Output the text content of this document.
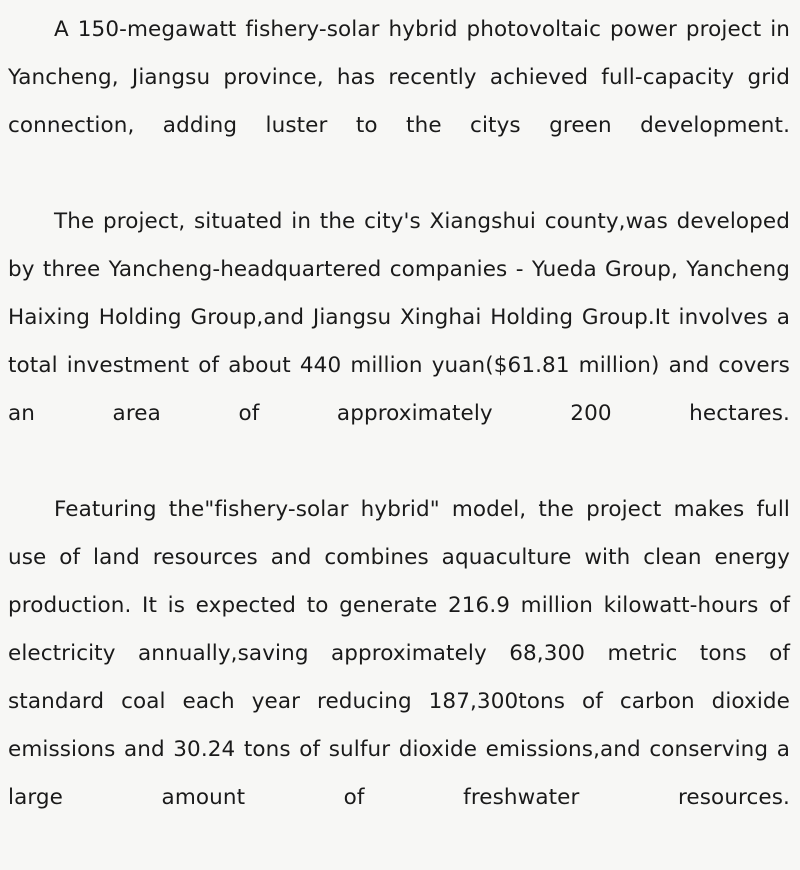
A 150-megawatt fishery-solar hybrid photovoltaic power project in Yancheng, Jiangsu province, has recently achieved full-capacity grid connection, adding luster to the citys green development.

The project, situated in the city's Xiangshui county,was developed by three Yancheng-headquartered companies - Yueda Group, Yancheng Haixing Holding Group,and Jiangsu Xinghai Holding Group.It involves a total investment of about 440 million yuan($61.81 million) and covers an area of approximately 200 hectares.

Featuring the"fishery-solar hybrid" model, the project makes full use of land resources and combines aquaculture with clean energy production. It is expected to generate 216.9 million kilowatt-hours of electricity annually,saving approximately 68,300 metric tons of standard coal each year reducing 187,300tons of carbon dioxide emissions and 30.24 tons of sulfur dioxide emissions,and conserving a large amount of freshwater resources.
